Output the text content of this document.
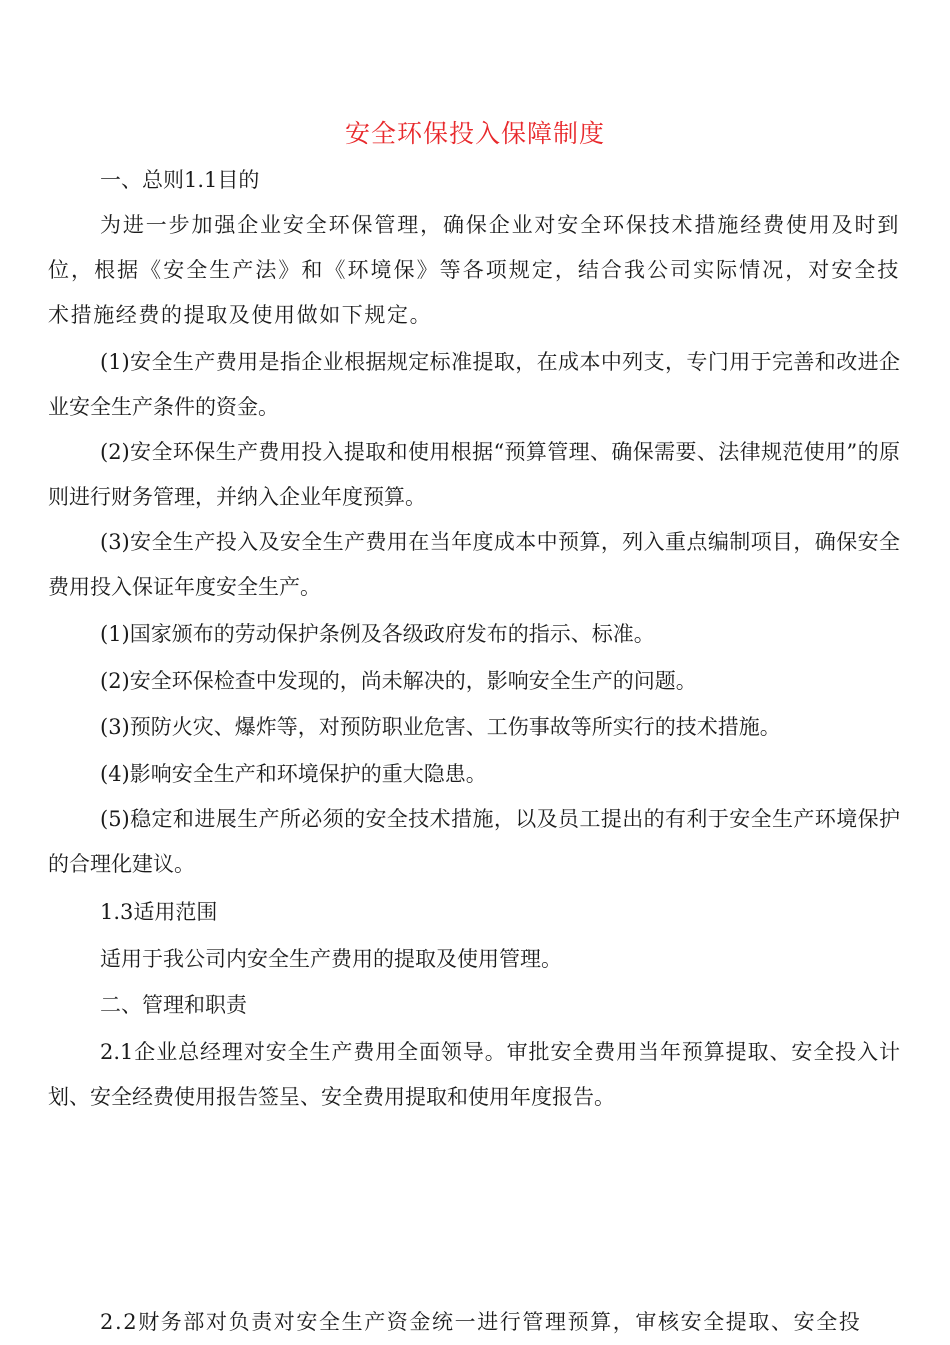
安全环保投入保障制度

一、总则1.1目的

为进一步加强企业安全环保管理，确保企业对安全环保技术措施经费使用及时到位，根据《安全生产法》和《环境保》等各项规定，结合我公司实际情况，对安全技术措施经费的提取及使用做如下规定。

(1)安全生产费用是指企业根据规定标准提取，在成本中列支，专门用于完善和改进企业安全生产条件的资金。

(2)安全环保生产费用投入提取和使用根据“预算管理、确保需要、法律规范使用”的原则进行财务管理，并纳入企业年度预算。

(3)安全生产投入及安全生产费用在当年度成本中预算，列入重点编制项目，确保安全费用投入保证年度安全生产。

(1)国家颁布的劳动保护条例及各级政府发布的指示、标准。

(2)安全环保检查中发现的，尚未解决的，影响安全生产的问题。

(3)预防火灾、爆炸等，对预防职业危害、工伤事故等所实行的技术措施。

(4)影响安全生产和环境保护的重大隐患。

(5)稳定和进展生产所必须的安全技术措施，以及员工提出的有利于安全生产环境保护的合理化建议。

1.3适用范围

适用于我公司内安全生产费用的提取及使用管理。

二、管理和职责

2.1企业总经理对安全生产费用全面领导。审批安全费用当年预算提取、安全投入计划、安全经费使用报告签呈、安全费用提取和使用年度报告。

2.2财务部对负责对安全生产资金统一进行管理预算，审核安全提取、安全投
